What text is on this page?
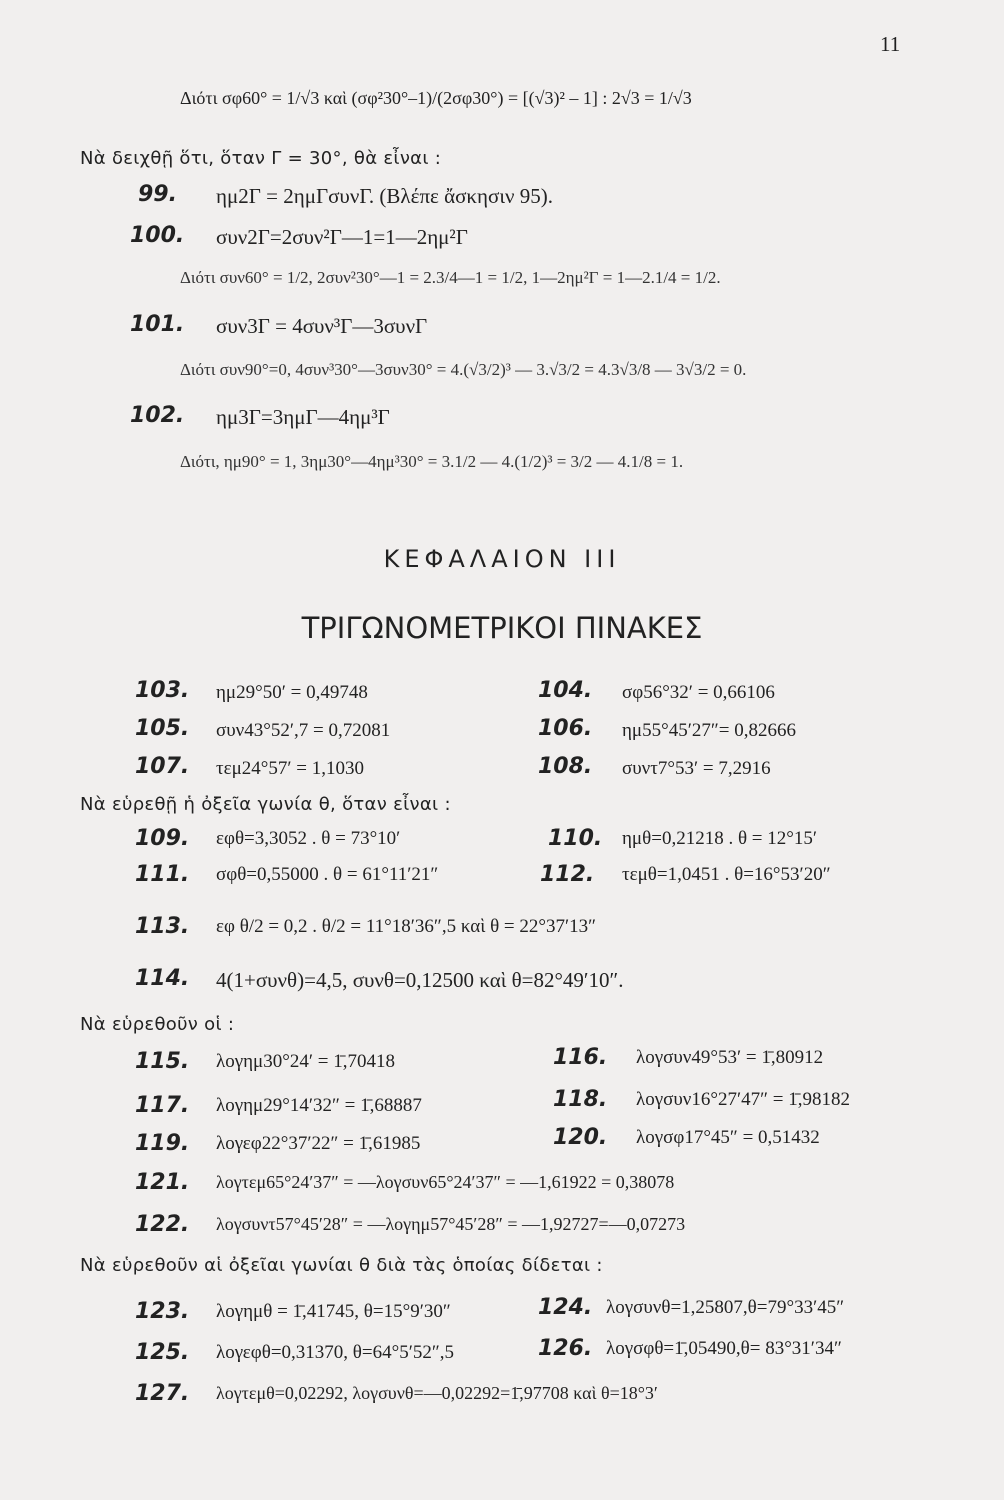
11
Διότι σφ60° = 1/√3 καὶ (σφ²30°–1)/(2σφ30°) = [(√3)² – 1] : 2√3 = 1/√3
Νὰ δειχθῇ ὅτι, ὅταν Γ = 30°, θὰ εἶναι :
99. ημ2Γ = 2ημΓσυνΓ. (Βλέπε ἄσκησιν 95).
100. συν2Γ=2συν²Γ—1=1—2ημ²Γ
Διότι συν60° = 1/2, 2συν²30°—1 = 2.3/4—1 = 1/2, 1—2ημ²Γ = 1—2.1/4 = 1/2.
101. συν3Γ = 4συν³Γ—3συνΓ
Διότι συν90°=0, 4συν³30°—3συν30° = 4.(√3/2)³ — 3.√3/2 = 4.3√3/8 — 3√3/2 = 0.
102. ημ3Γ=3ημΓ—4ημ³Γ
Διότι, ημ90° = 1, 3ημ30°—4ημ³30° = 3.1/2 — 4.(1/2)³ = 3/2 — 4.1/8 = 1.
ΚΕΦΑΛΑΙΟΝ ΙΙΙ
ΤΡΙΓΩΝΟΜΕΤΡΙΚΟΙ ΠΙΝΑΚΕΣ
103. ημ29°50′ = 0,49748	104. σφ56°32′ = 0,66106
105. συν43°52′,7 = 0,72081	106. ημ55°45′27″= 0,82666
107. τεμ24°57′ = 1,1030	108. συντ7°53′ = 7,2916
Νὰ εὑρεθῇ ἡ ὀξεῖα γωνία θ, ὅταν εἶναι :
109. εφθ=3,3052 . θ = 73°10′	110. ημθ=0,21218 . θ = 12°15′
111. σφθ=0,55000 . θ = 61°11′21″	112. τεμθ=1,0451 . θ=16°53′20″
113. εφ θ/2 = 0,2 . θ/2 = 11°18′36″,5 καὶ θ = 22°37′13″
114. 4(1+συνθ)=4,5, συνθ=0,12500 καὶ θ=82°49′10″.
Νὰ εὑρεθοῦν οἱ :
115. λογημ30°24′ = 1̄,70418	116. λογσυν49°53′ = 1̄,80912
117. λογημ29°14′32″ = 1̄,68887	118. λογσυν16°27′47″ = 1̄,98182
119. λογεφ22°37′22″ = 1̄,61985	120. λογσφ17°45″ = 0,51432
121. λογτεμ65°24′37″ = —λογσυν65°24′37″ = —1,61922 = 0,38078
122. λογσυντ57°45′28″ = —λογημ57°45′28″ = —1,92727=—0,07273
Νὰ εὑρεθοῦν αἱ ὀξεῖαι γωνίαι θ διὰ τὰς ὁποίας δίδεται :
123. λογημθ = 1̄,41745, θ=15°9′30″	124. λογσυνθ=1,25807,θ=79°33′45″
125. λογεφθ=0,31370, θ=64°5′52″,5	126. λογσφθ=1̄,05490,θ= 83°31′34″
127. λογτεμθ=0,02292, λογσυνθ=—0,02292=1̄,97708 καὶ θ=18°3′
